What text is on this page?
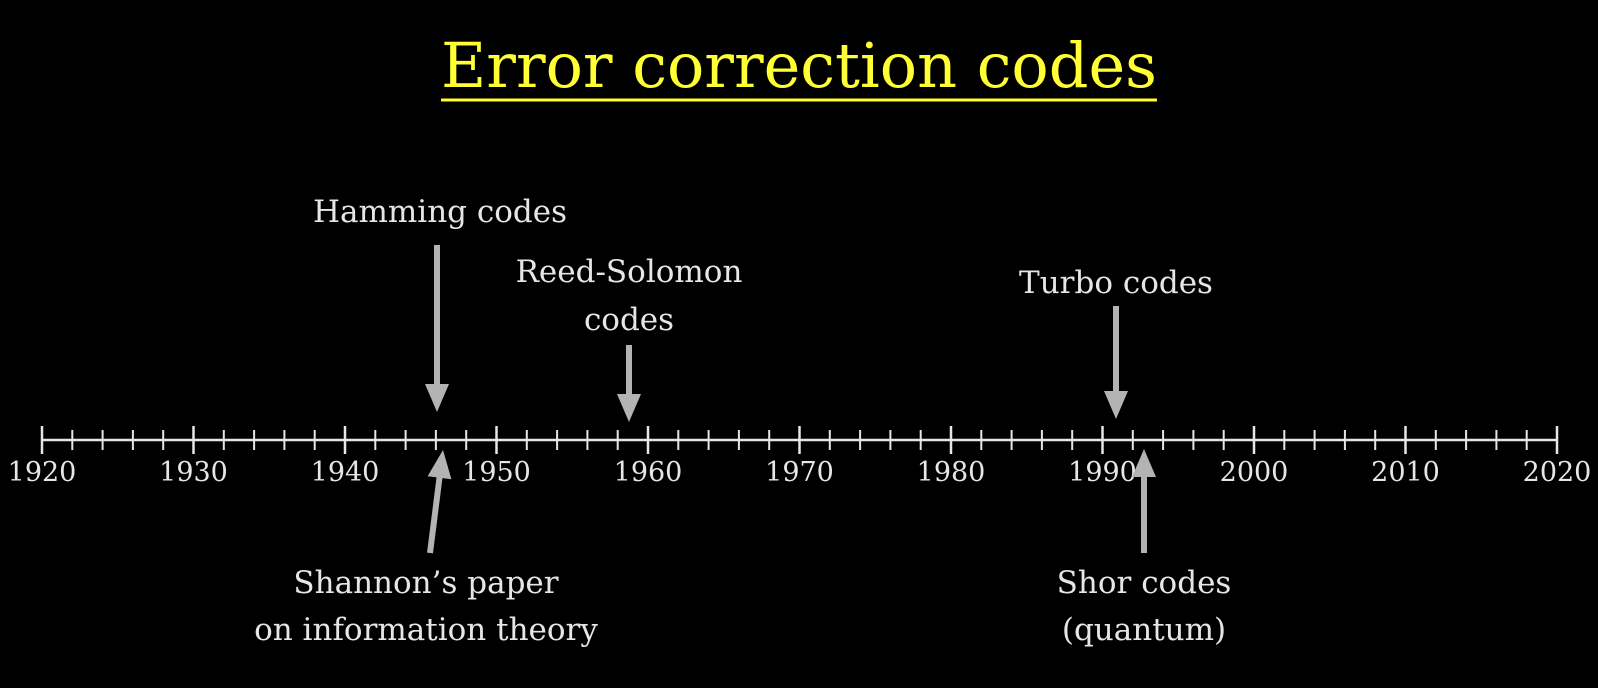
Error correction codes
1920	1930	1940	1950	1960	1970	1980	1990	2000	2010	2020
Hamming codes
Reed-Solomon
codes
Turbo codes
Shannon’s paper
on information theory
Shor codes
(quantum)
